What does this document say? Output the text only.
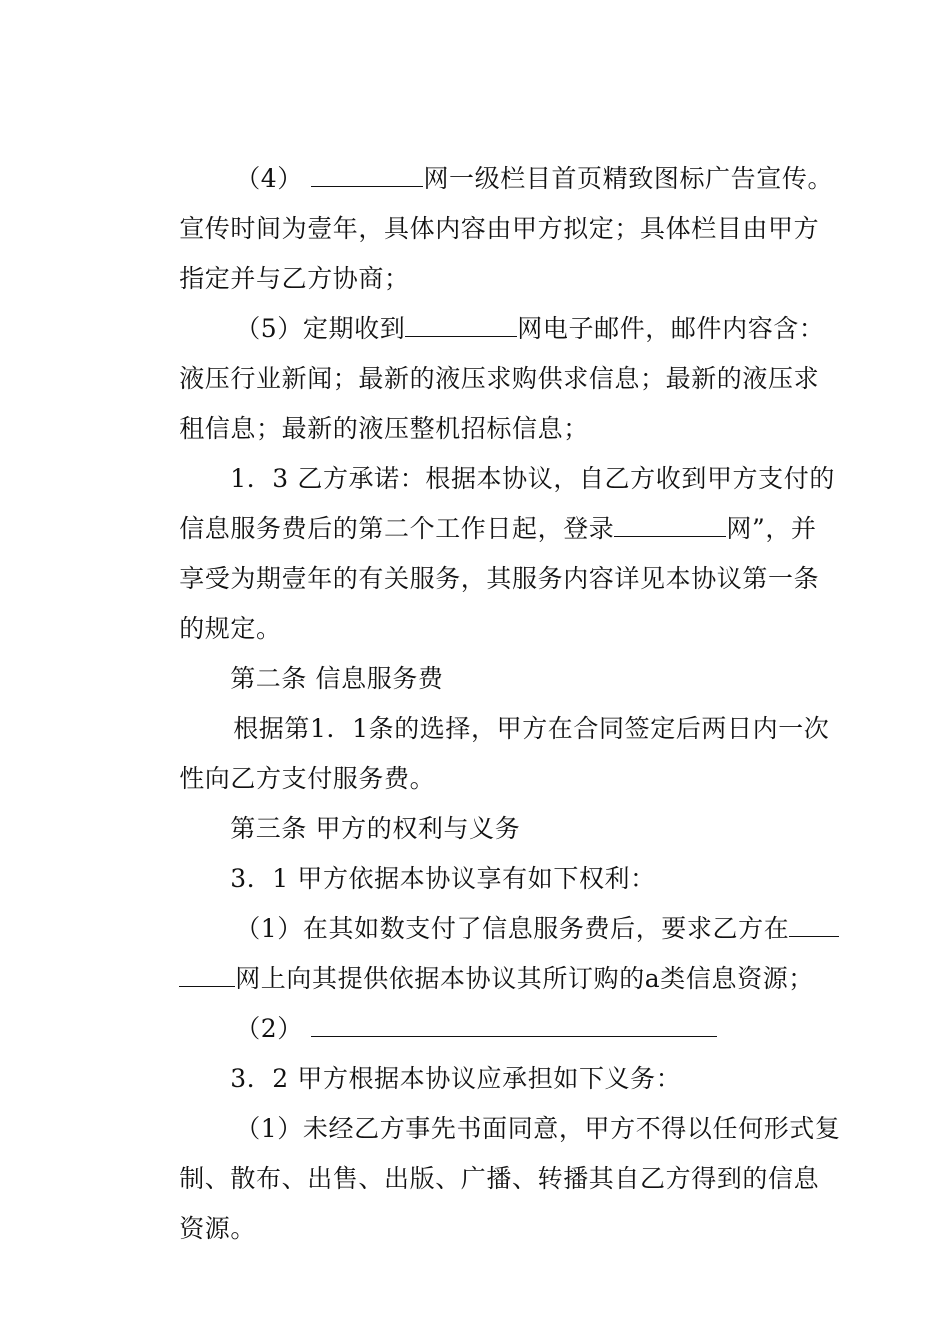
（4）	网一级栏目首页精致图标广告宣传。

宣传时间为壹年，具体内容由甲方拟定；具体栏目由甲方

指定并与乙方协商；

（5）定期收到	网电子邮件，邮件内容含：

液压行业新闻；最新的液压求购供求信息；最新的液压求

租信息；最新的液压整机招标信息；

1．3 乙方承诺：根据本协议，自乙方收到甲方支付的

信息服务费后的第二个工作日起，登录	网”，并

享受为期壹年的有关服务，其服务内容详见本协议第一条

的规定。

第二条 信息服务费

根据第1．1条的选择，甲方在合同签定后两日内一次

性向乙方支付服务费。

第三条 甲方的权利与义务

3．1 甲方依据本协议享有如下权利：

（1）在其如数支付了信息服务费后，要求乙方在

网上向其提供依据本协议其所订购的a类信息资源；

（2）

3．2 甲方根据本协议应承担如下义务：

（1）未经乙方事先书面同意，甲方不得以任何形式复

制、散布、出售、出版、广播、转播其自乙方得到的信息

资源。
